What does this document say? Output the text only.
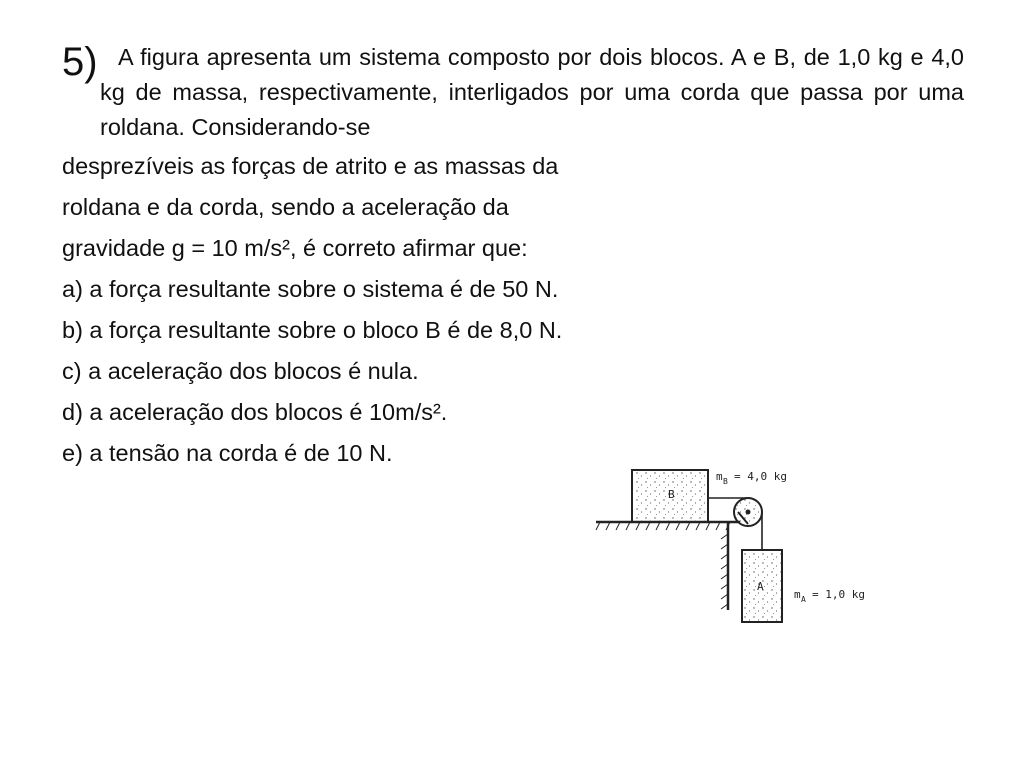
5) A figura apresenta um sistema composto por dois blocos. A e B, de 1,0 kg e 4,0 kg de massa, respectivamente, interligados por uma corda que passa por uma roldana. Considerando-se
desprezíveis as forças de atrito e as massas da
roldana e da corda, sendo a aceleração da
gravidade g = 10 m/s², é correto afirmar que:
a) a força resultante sobre o sistema é de 50 N.
b) a força resultante sobre o bloco B é de 8,0 N.
c) a aceleração dos blocos é nula.
d) a aceleração dos blocos é 10m/s².
e) a tensão na corda é de 10 N.
B
A
m B = 4,0 kg
m A = 1,0 kg
